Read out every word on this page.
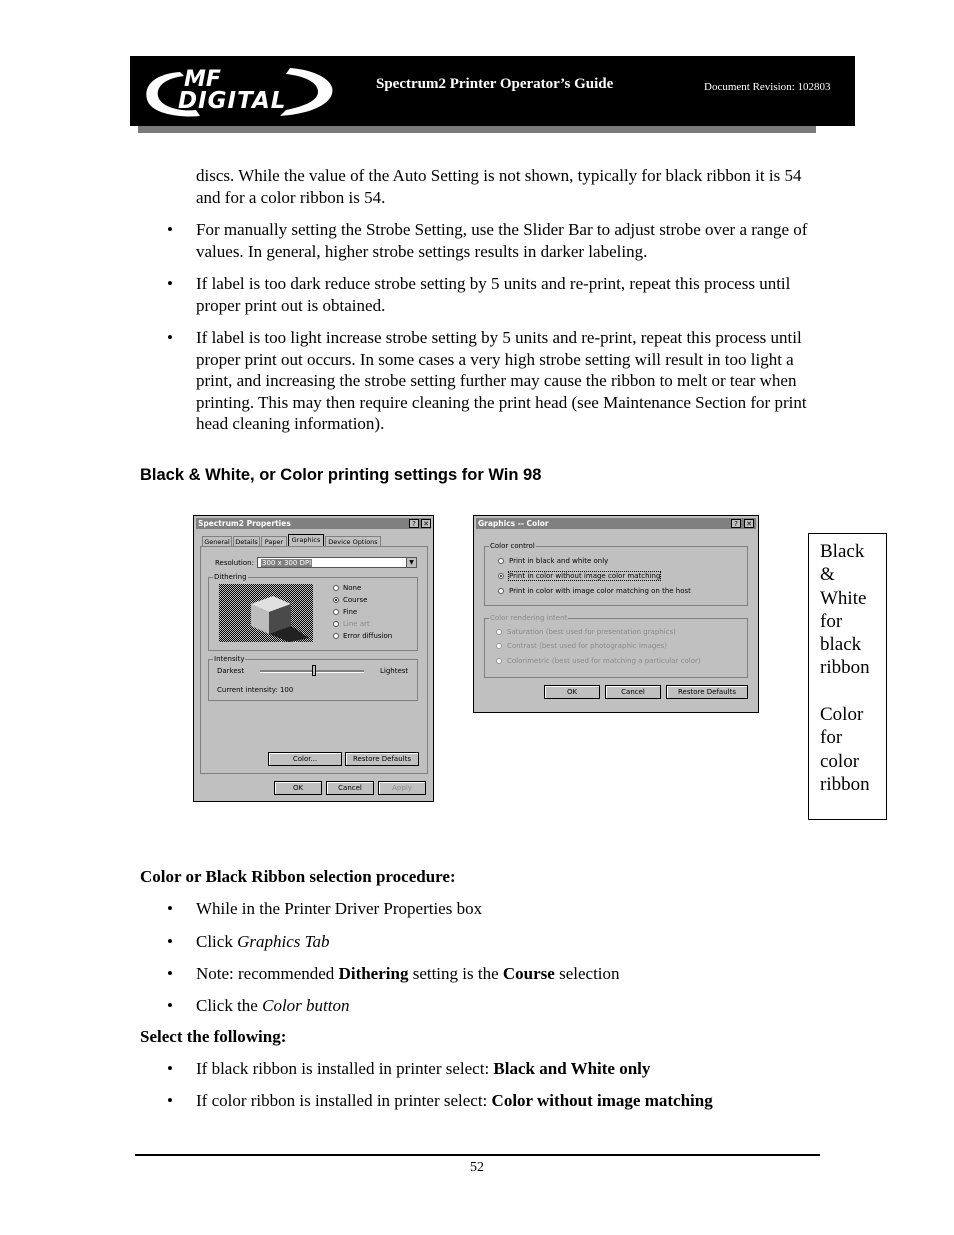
MF
DIGITAL
Spectrum2 Printer Operator’s Guide	Document Revision: 102803
discs. While the value of the Auto Setting is not shown, typically for black ribbon it is 54 and for a color ribbon is 54.
• For manually setting the Strobe Setting, use the Slider Bar to adjust strobe over a range of values. In general, higher strobe settings results in darker labeling.
• If label is too dark reduce strobe setting by 5 units and re-print, repeat this process until proper print out is obtained.
• If label is too light increase strobe setting by 5 units and re-print, repeat this process until proper print out occurs. In some cases a very high strobe setting will result in too light a print, and increasing the strobe setting further may cause the ribbon to melt or tear when printing. This may then require cleaning the print head (see Maintenance Section for print head cleaning information).
Black & White, or Color printing settings for Win 98
Spectrum2 Properties	?	✕
General Details	Paper	Graphics	Device Options
Resolution: 300 x 300 DPI	▼
Dithering
None
Course
Fine
Line art
Error diffusion
Intensity
Darkest	Lightest
Current intensity: 100
Color...	Restore Defaults
OK	Cancel	Apply
Graphics -- Color	?	✕
Color control
Print in black and white only
Print in color without image color matching
Print in color with image color matching on the host
Color rendering intent
Saturation (best used for presentation graphics)
Contrast (best used for photographic images)
Colorimetric (best used for matching a particular color)
OK	Cancel	Restore Defaults
Black
&
White
for
black
ribbon

Color
for
color
ribbon
Color or Black Ribbon selection procedure:
• While in the Printer Driver Properties box
• Click Graphics Tab
• Note: recommended Dithering setting is the Course selection
• Click the Color button
Select the following:
• If black ribbon is installed in printer select: Black and White only
• If color ribbon is installed in printer select: Color without image matching
52
